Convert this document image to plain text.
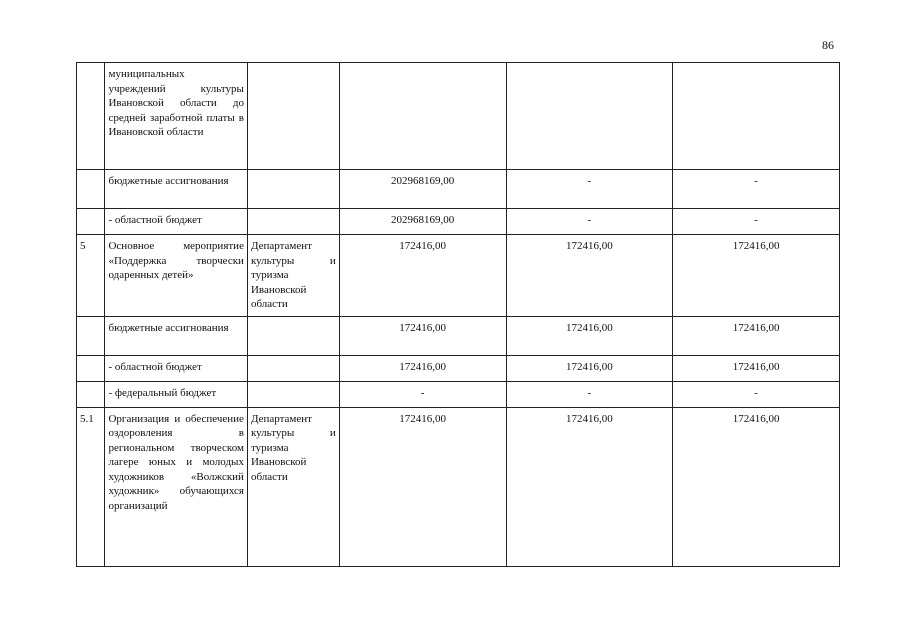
86
	муниципальных учреждений культуры Ивановской области до средней заработной платы в Ивановской области				
	бюджетные ассигнования		202968169,00	-	-
	- областной бюджет		202968169,00	-	-
5	Основное мероприятие «Поддержка творчески одаренных детей»	Департамент культуры и туризма Ивановской области	172416,00	172416,00	172416,00
	бюджетные ассигнования		172416,00	172416,00	172416,00
	- областной бюджет		172416,00	172416,00	172416,00
	- федеральный бюджет		-	-	-
5.1	Организация и обеспечение оздоровления в региональном творческом лагере юных и молодых художников «Волжский художник» обучающихся организаций	Департамент культуры и туризма Ивановской области	172416,00	172416,00	172416,00
